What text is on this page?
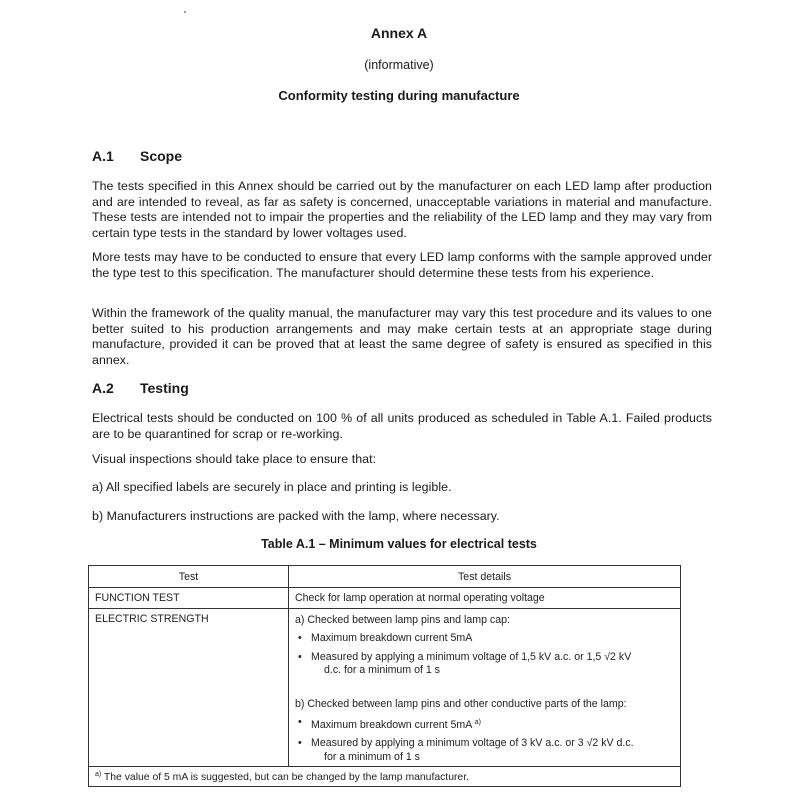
Annex A
(informative)
Conformity testing during manufacture
A.1 Scope
The tests specified in this Annex should be carried out by the manufacturer on each LED lamp after production and are intended to reveal, as far as safety is concerned, unacceptable variations in material and manufacture. These tests are intended not to impair the properties and the reliability of the LED lamp and they may vary from certain type tests in the standard by lower voltages used.
More tests may have to be conducted to ensure that every LED lamp conforms with the sample approved under the type test to this specification. The manufacturer should determine these tests from his experience.
Within the framework of the quality manual, the manufacturer may vary this test procedure and its values to one better suited to his production arrangements and may make certain tests at an appropriate stage during manufacture, provided it can be proved that at least the same degree of safety is ensured as specified in this annex.
A.2 Testing
Electrical tests should be conducted on 100 % of all units produced as scheduled in Table A.1. Failed products are to be quarantined for scrap or re-working.
Visual inspections should take place to ensure that:
a) All specified labels are securely in place and printing is legible.
b) Manufacturers instructions are packed with the lamp, where necessary.
Table A.1 – Minimum values for electrical tests
Test	Test details
FUNCTION TEST	Check for lamp operation at normal operating voltage
ELECTRIC STRENGTH	a) Checked between lamp pins and lamp cap:
• Maximum breakdown current 5mA
• Measured by applying a minimum voltage of 1,5 kV a.c. or 1,5 √2 kV
d.c. for a minimum of 1 s
b) Checked between lamp pins and other conductive parts of the lamp:
• Maximum breakdown current 5mA $^{a)}$
• Measured by applying a minimum voltage of 3 kV a.c. or 3 √2 kV d.c.
for a minimum of 1 s

$^{a)}$ The value of 5 mA is suggested, but can be changed by the lamp manufacturer.	
